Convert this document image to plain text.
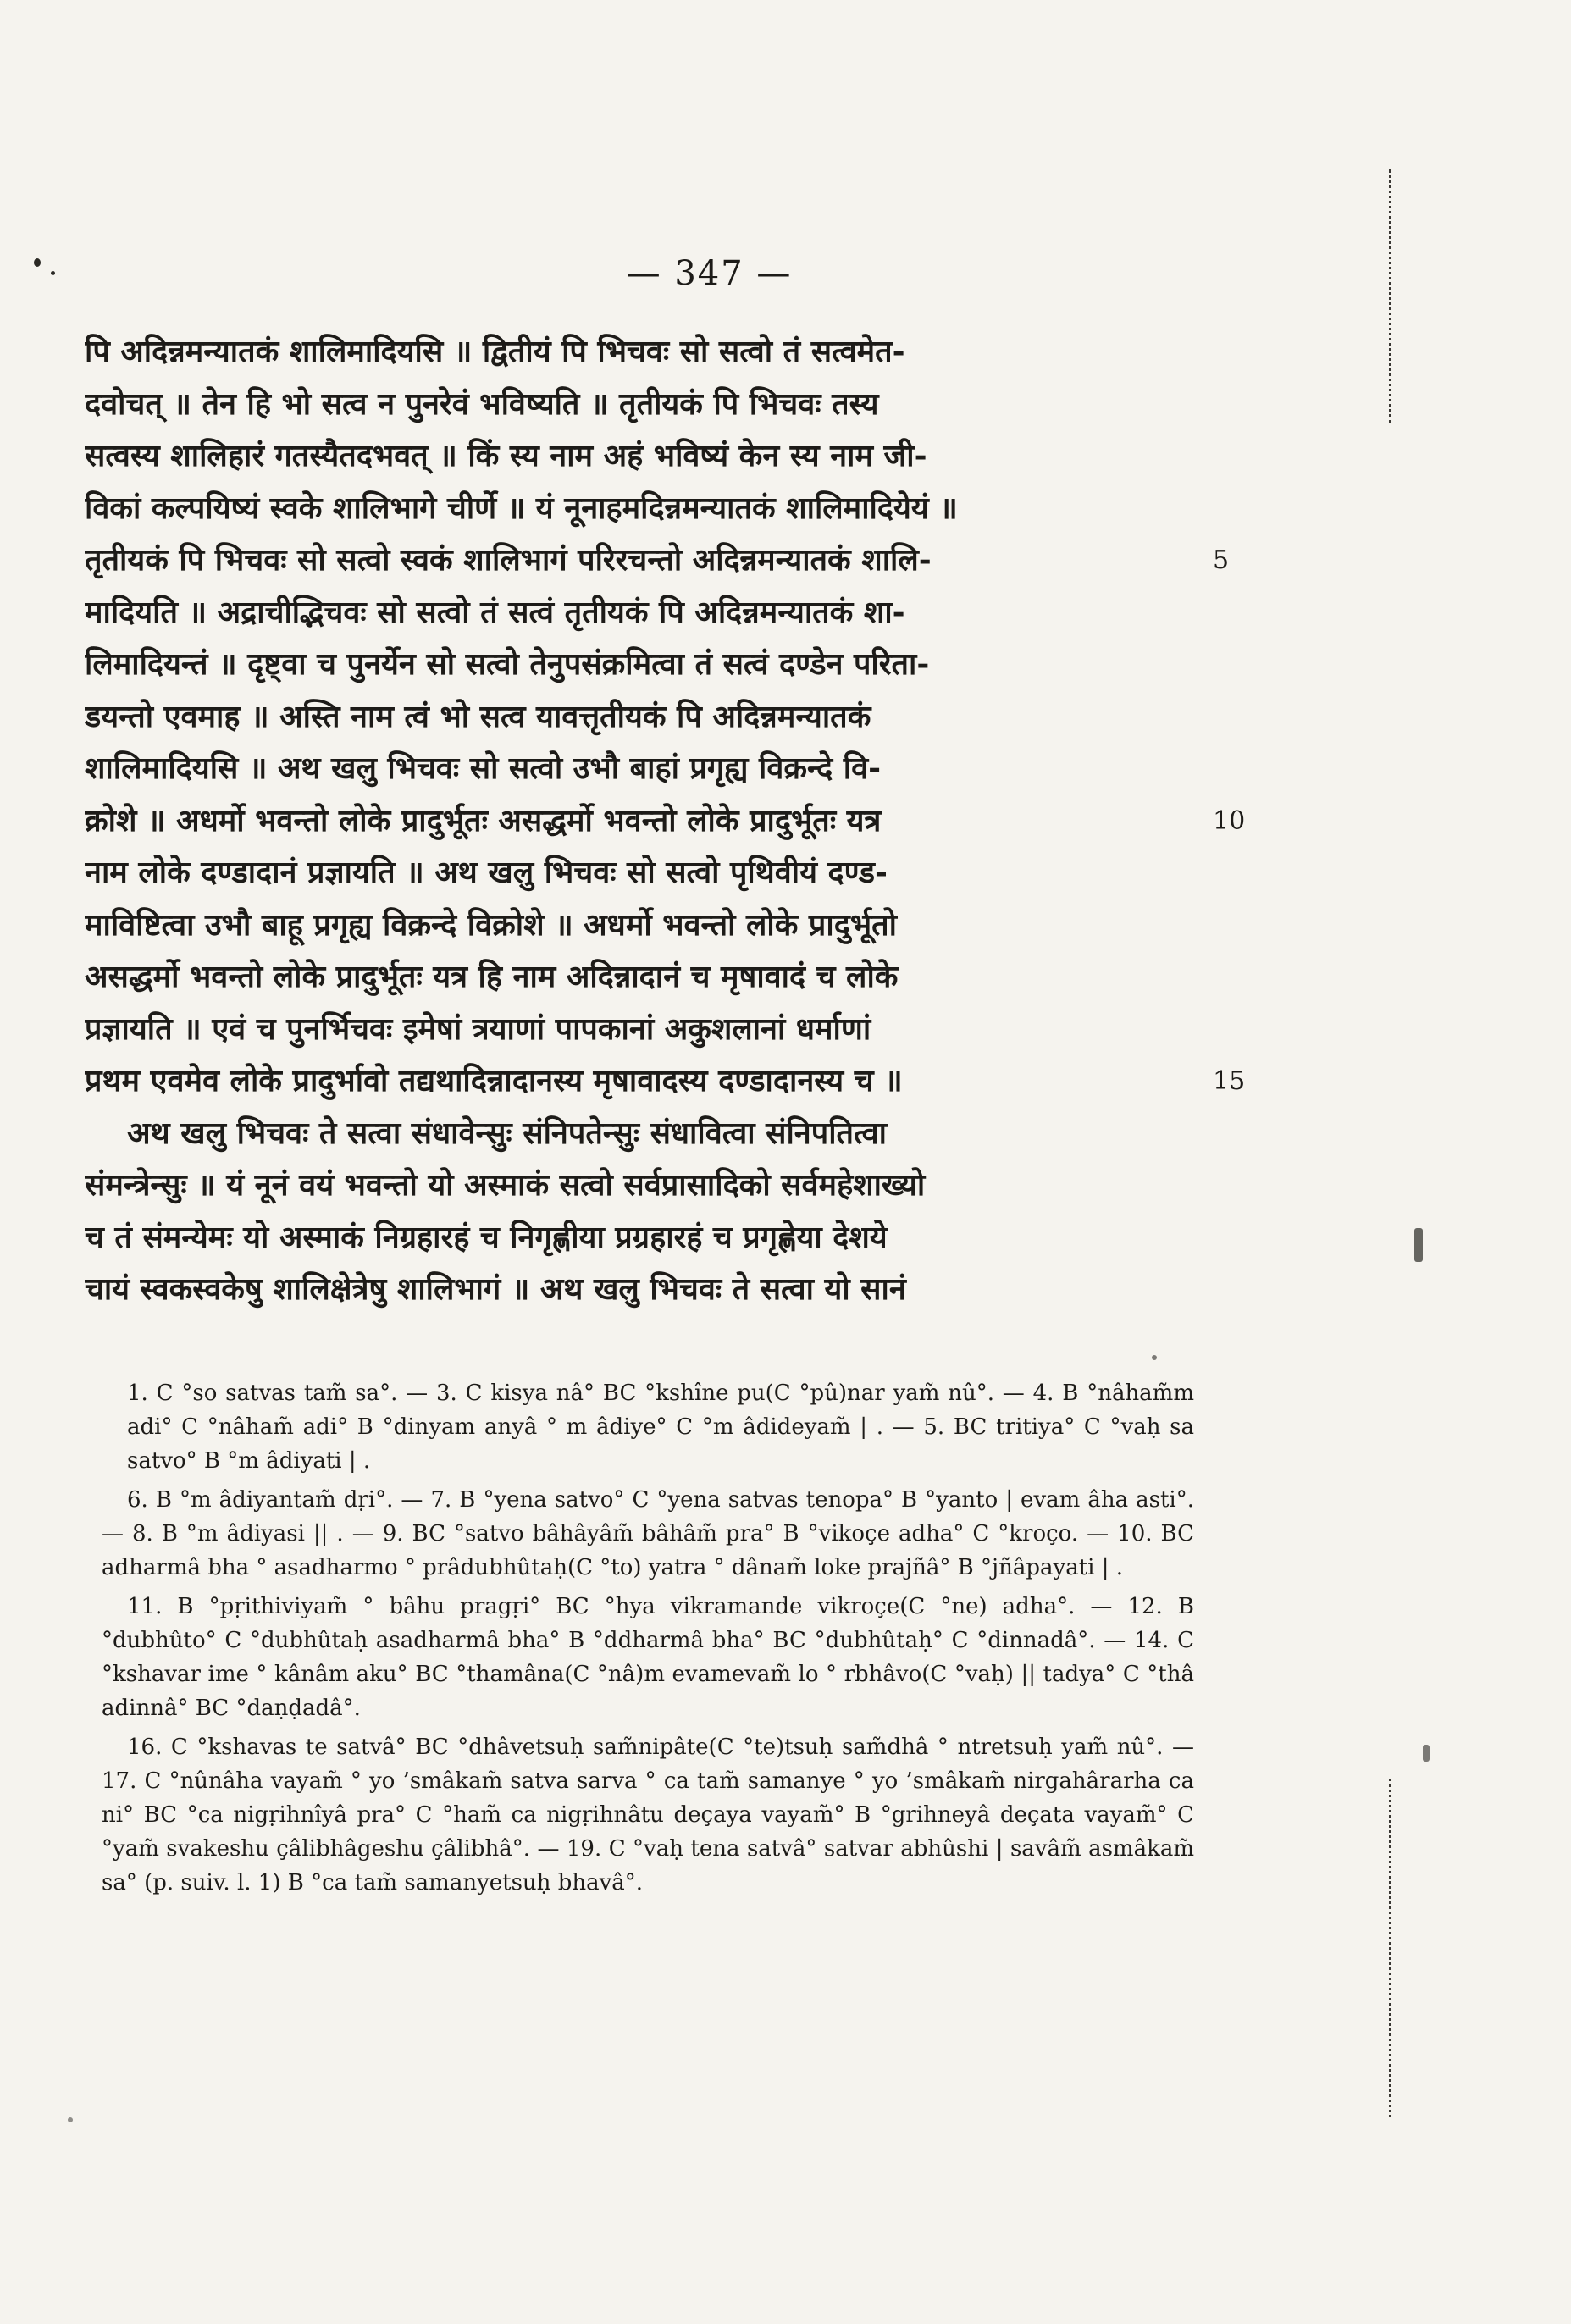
— 347 —
पि अदिन्नमन्यातकं शालिमादियसि ॥ द्वितीयं पि भिचवः सो सत्वो तं सत्वमेत-
दवोचत् ॥ तेन हि भो सत्व न पुनरेवं भविष्यति ॥ तृतीयकं पि भिचवः तस्य
सत्वस्य शालिहारं गतस्यैतदभवत् ॥ किं स्य नाम अहं भविष्यं केन स्य नाम जी-
विकां कल्पयिष्यं स्वके शालिभागे चीर्णे ॥ यं नूनाहमदिन्नमन्यातकं शालिमादियेयं ॥
तृतीयकं पि भिचवः सो सत्वो स्वकं शालिभागं परिरचन्तो अदिन्नमन्यातकं शालि-
मादियति ॥ अद्राचीद्भिचवः सो सत्वो तं सत्वं तृतीयकं पि अदिन्नमन्यातकं शा-
लिमादियन्तं ॥ दृष्ट्वा च पुनर्येन सो सत्वो तेनुपसंक्रमित्वा तं सत्वं दण्डेन परिता-
डयन्तो एवमाह ॥ अस्ति नाम त्वं भो सत्व यावत्तृतीयकं पि अदिन्नमन्यातकं
शालिमादियसि ॥ अथ खलु भिचवः सो सत्वो उभौ बाहां प्रगृह्य विक्रन्दे वि-
क्रोशे ॥ अधर्मो भवन्तो लोके प्रादुर्भूतः असद्धर्मो भवन्तो लोके प्रादुर्भूतः यत्र
नाम लोके दण्डादानं प्रज्ञायति ॥ अथ खलु भिचवः सो सत्वो पृथिवीयं दण्ड-
माविष्टित्वा उभौ बाहू प्रगृह्य विक्रन्दे विक्रोशे ॥ अधर्मो भवन्तो लोके प्रादुर्भूतो
असद्धर्मो भवन्तो लोके प्रादुर्भूतः यत्र हि नाम अदिन्नादानं च मृषावादं च लोके
प्रज्ञायति ॥ एवं च पुनर्भिचवः इमेषां त्रयाणां पापकानां अकुशलानां धर्माणां
प्रथम एवमेव लोके प्रादुर्भावो तद्यथादिन्नादानस्य मृषावादस्य दण्डादानस्य च ॥
अथ खलु भिचवः ते सत्वा संधावेन्सुः संनिपतेन्सुः संधावित्वा संनिपतित्वा
संमन्त्रेन्सुः ॥ यं नूनं वयं भवन्तो यो अस्माकं सत्वो सर्वप्रासादिको सर्वमहेशाख्यो
च तं संमन्येमः यो अस्माकं निग्रहारहं च निगृह्णीया प्रग्रहारहं च प्रगृह्णेया देशये
चायं स्वकस्वकेषु शालिक्षेत्रेषु शालिभागं ॥ अथ खलु भिचवः ते सत्वा यो सानं
5
10
15

1. C °so satvas tam̃ sa°. — 3. C kisya nâ° BC °kshîne pu(C °pû)nar yam̃ nû°. — 4. B °nâham̃m adi° C °nâham̃ adi° B °dinyam anyâ ° m âdiye° C °m âdideyam̃ | . — 5. BC tritiya° C °vaḥ sa satvo° B °m âdiyati | .

6. B °m âdiyantam̃ dṛi°. — 7. B °yena satvo° C °yena satvas tenopa° B °yanto | evam âha asti°. — 8. B °m âdiyasi || . — 9. BC °satvo bâhâyâm̃ bâhâm̃ pra° B °vikoçe adha° C °kroço. — 10. BC adharmâ bha ° asadharmo ° prâdubhûtaḥ(C °to) yatra ° dânam̃ loke prajñâ° B °jñâpayati | .

11. B °pṛithiviyam̃ ° bâhu pragṛi° BC °hya vikramande vikroçe(C °ne) adha°. — 12. B °dubhûto° C °dubhûtaḥ asadharmâ bha° B °ddharmâ bha° BC °dubhûtaḥ° C °dinnadâ°. — 14. C °kshavar ime ° kânâm aku° BC °thamâna(C °nâ)m evamevam̃ lo ° rbhâvo(C °vaḥ) || tadya° C °thâ adinnâ° BC °daṇḍadâ°.

16. C °kshavas te satvâ° BC °dhâvetsuḥ sam̃nipâte(C °te)tsuḥ sam̃dhâ ° ntretsuḥ yam̃ nû°. — 17. C °nûnâha vayam̃ ° yo ’smâkam̃ satva sarva ° ca tam̃ samanye ° yo ’smâkam̃ nirgahârarha ca ni° BC °ca nigṛihnîyâ pra° C °ham̃ ca nigṛihnâtu deçaya vayam̃° B °grihneyâ deçata vayam̃° C °yam̃ svakeshu çâlibhâgeshu çâlibhâ°. — 19. C °vaḥ tena satvâ° satvar abhûshi | savâm̃ asmâkam̃ sa° (p. suiv. l. 1) B °ca tam̃ samanyetsuḥ bhavâ°.
